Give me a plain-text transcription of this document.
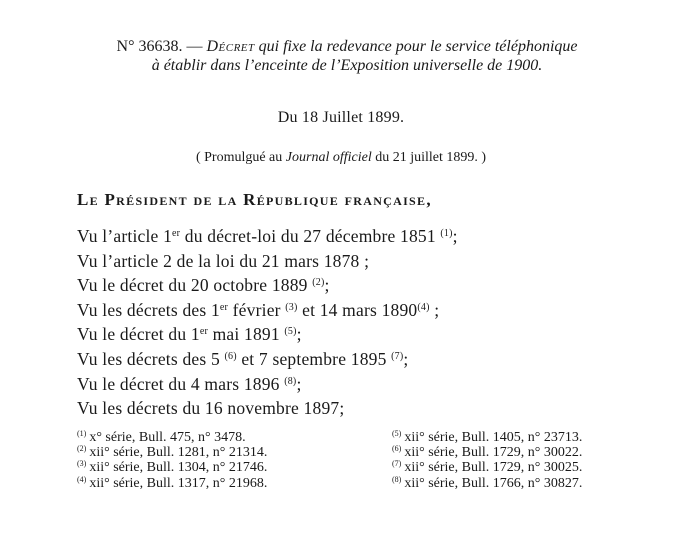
N° 36638. — Décret qui fixe la redevance pour le service téléphonique
à établir dans l’enceinte de l’Exposition universelle de 1900.
Du 18 Juillet 1899.
( Promulgué au Journal officiel du 21 juillet 1899. )
Le Président de la République française,
Vu l’article 1er du décret-loi du 27 décembre 1851 $^{(1)}$;
Vu l’article 2 de la loi du 21 mars 1878 ;
Vu le décret du 20 octobre 1889 $^{(2)}$;
Vu les décrets des 1er février $^{(3)}$ et 14 mars 1890$^{(4)}$ ;
Vu le décret du 1er mai 1891 $^{(5)}$;
Vu les décrets des 5 $^{(6)}$ et 7 septembre 1895 $^{(7)}$;
Vu le décret du 4 mars 1896 $^{(8)}$;
Vu les décrets du 16 novembre 1897;
$^{(1)}$ x° série, Bull. 475, n° 3478.
$^{(2)}$ xii° série, Bull. 1281, n° 21314.
$^{(3)}$ xii° série, Bull. 1304, n° 21746.
$^{(4)}$ xii° série, Bull. 1317, n° 21968.
$^{(5)}$ xii° série, Bull. 1405, n° 23713.
$^{(6)}$ xii° série, Bull. 1729, n° 30022.
$^{(7)}$ xii° série, Bull. 1729, n° 30025.
$^{(8)}$ xii° série, Bull. 1766, n° 30827.
